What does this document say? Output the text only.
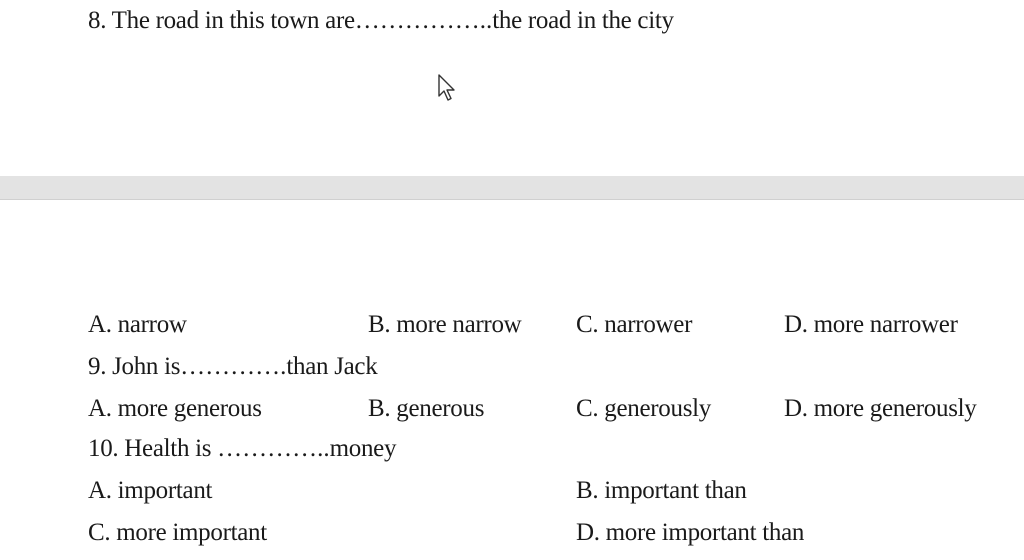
8. The road in this town are……………..the road in the city
A. narrow	B. more narrow C. narrower	D. more narrower
9. John is………….than Jack
A. more generous	B. generous	C. generously	D. more generously
10. Health is …………..money
A. important	B. important than
C. more important	D. more important than
